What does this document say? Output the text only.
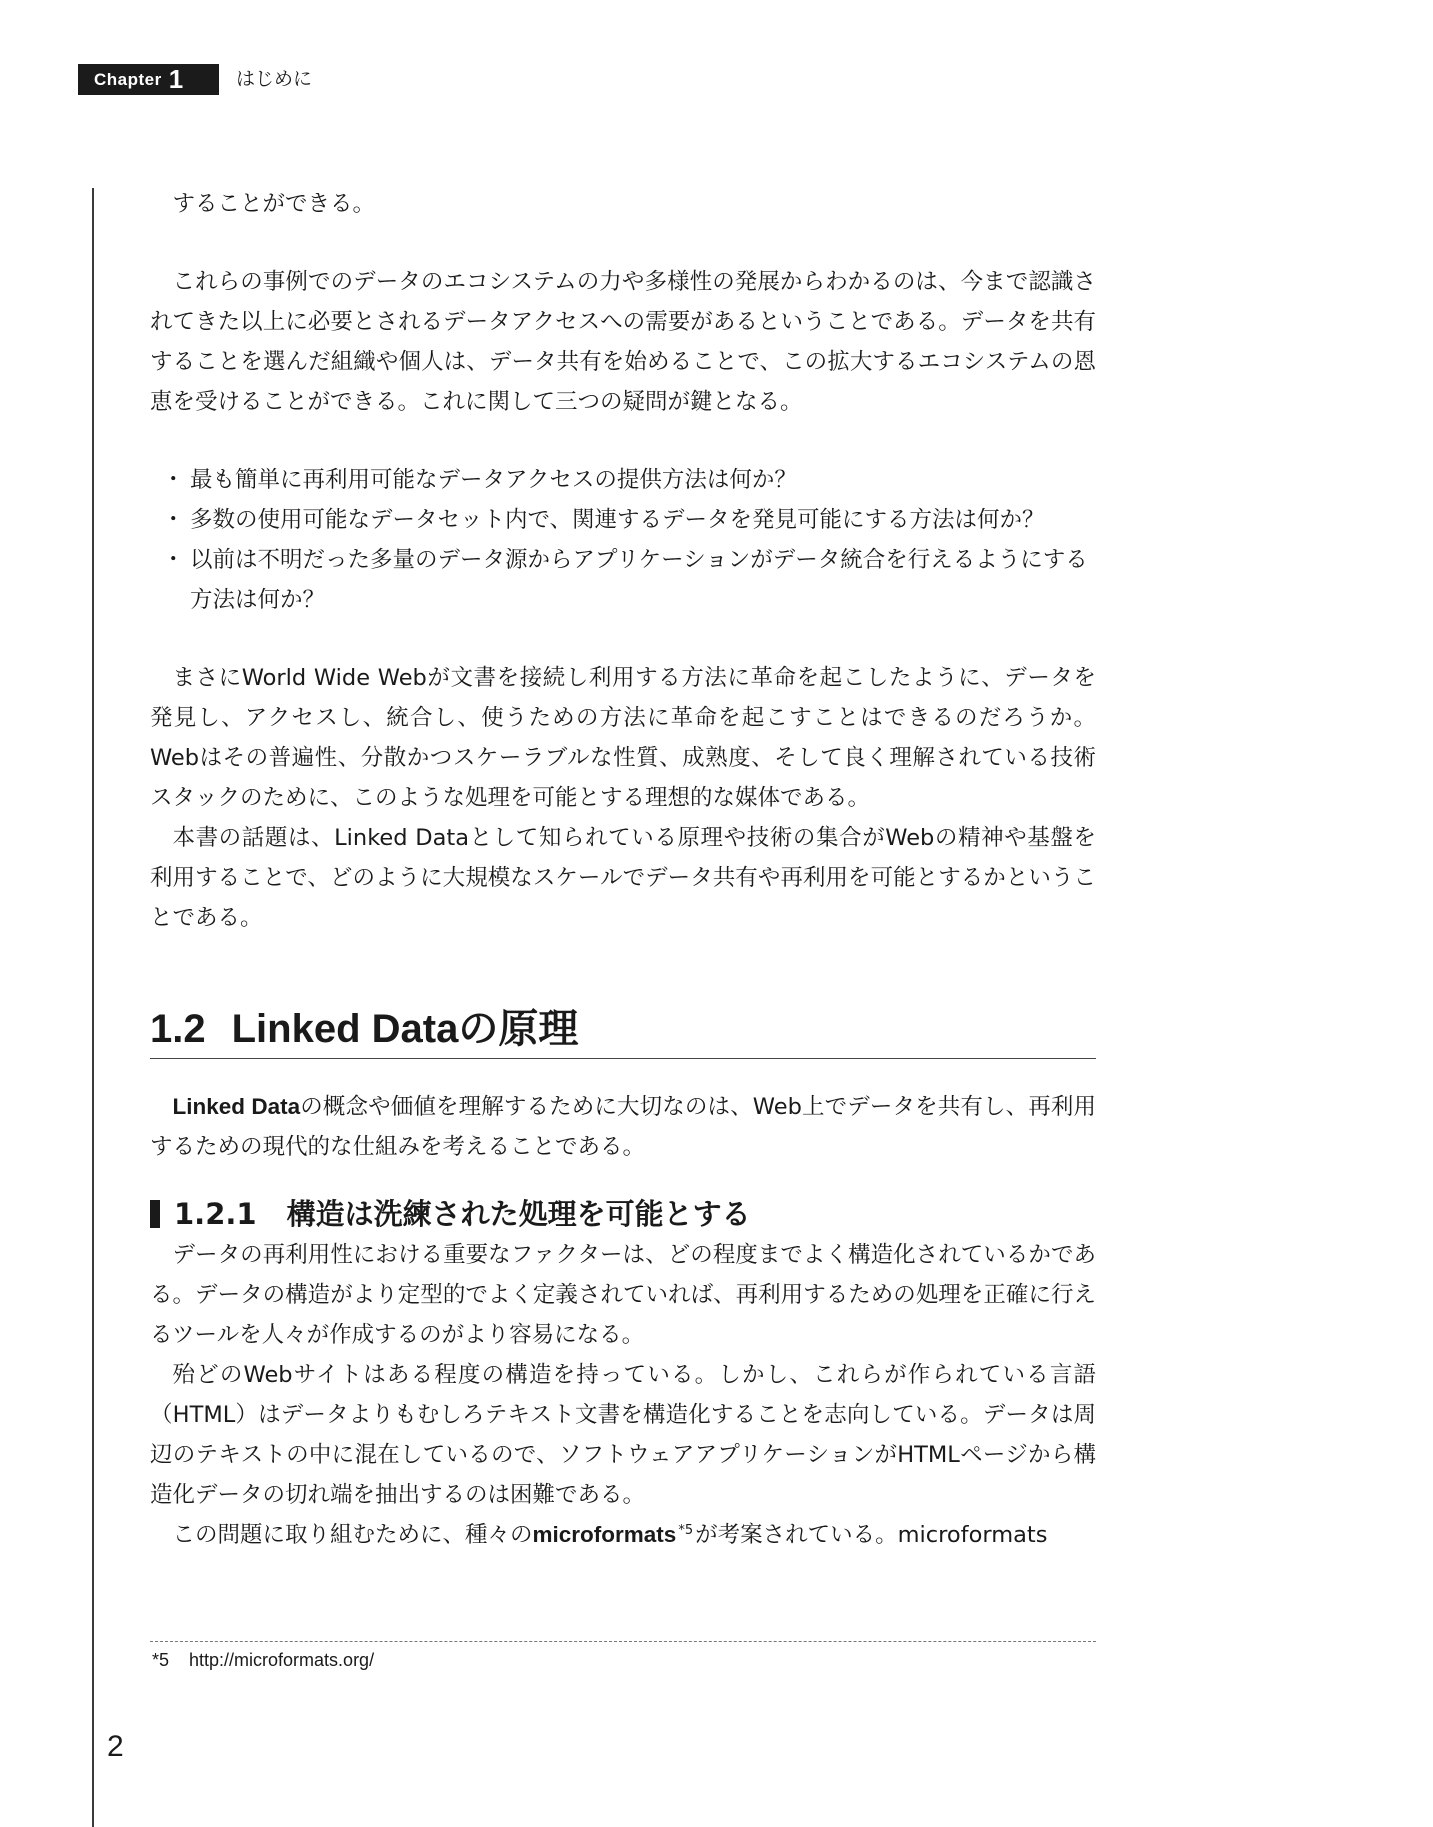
Chapter 1	はじめに

することができる。

これらの事例でのデータのエコシステムの力や多様性の発展からわかるのは、今まで認識されてきた以上に必要とされるデータアクセスへの需要があるということである。データを共有することを選んだ組織や個人は、データ共有を始めることで、この拡大するエコシステムの恩恵を受けることができる。これに関して三つの疑問が鍵となる。

・ 最も簡単に再利用可能なデータアクセスの提供方法は何か？
・ 多数の使用可能なデータセット内で、関連するデータを発見可能にする方法は何か？
・ 以前は不明だった多量のデータ源からアプリケーションがデータ統合を行えるようにする方法は何か？

まさにWorld Wide Webが文書を接続し利用する方法に革命を起こしたように、データを発見し、アクセスし、統合し、使うための方法に革命を起こすことはできるのだろうか。Webはその普遍性、分散かつスケーラブルな性質、成熟度、そして良く理解されている技術スタックのために、このような処理を可能とする理想的な媒体である。

本書の話題は、Linked Dataとして知られている原理や技術の集合がWebの精神や基盤を利用することで、どのように大規模なスケールでデータ共有や再利用を可能とするかということである。

1.2 Linked Dataの原理

Linked Dataの概念や価値を理解するために大切なのは、Web上でデータを共有し、再利用するための現代的な仕組みを考えることである。

1.2.1 構造は洗練された処理を可能とする

データの再利用性における重要なファクターは、どの程度までよく構造化されているかである。データの構造がより定型的でよく定義されていれば、再利用するための処理を正確に行えるツールを人々が作成するのがより容易になる。

殆どのWebサイトはある程度の構造を持っている。しかし、これらが作られている言語（HTML）はデータよりもむしろテキスト文書を構造化することを志向している。データは周辺のテキストの中に混在しているので、ソフトウェアアプリケーションがHTMLページから構造化データの切れ端を抽出するのは困難である。

この問題に取り組むために、種々のmicroformats $^{*5}$が考案されている。microformats

*5 http://microformats.org/
2
